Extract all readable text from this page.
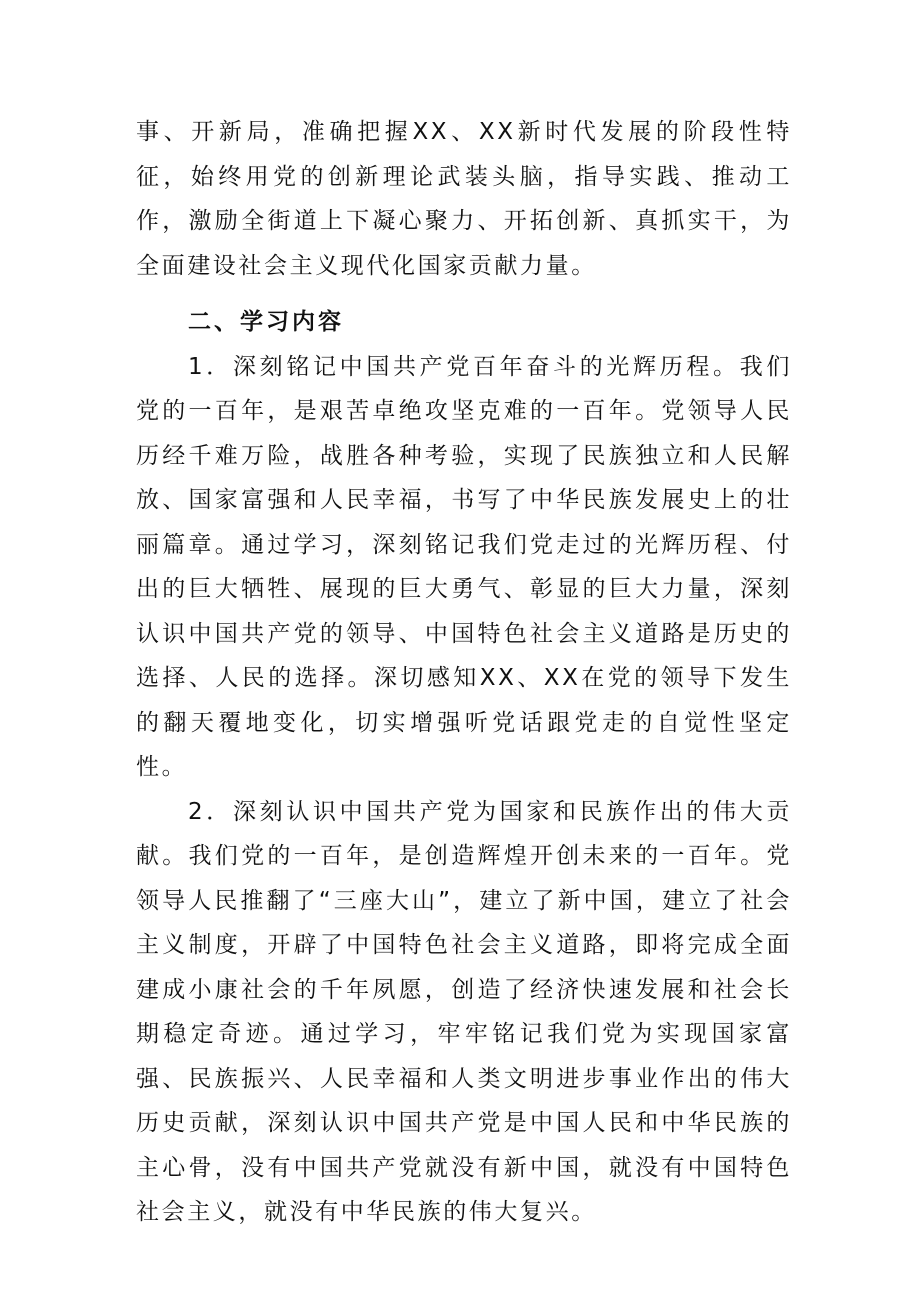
事、开新局，准确把握XX、XX新时代发展的阶段性特征，始终用党的创新理论武装头脑，指导实践、推动工作，激励全街道上下凝心聚力、开拓创新、真抓实干，为全面建设社会主义现代化国家贡献力量。

二、学习内容

1．深刻铭记中国共产党百年奋斗的光辉历程。我们党的一百年，是艰苦卓绝攻坚克难的一百年。党领导人民历经千难万险，战胜各种考验，实现了民族独立和人民解放、国家富强和人民幸福，书写了中华民族发展史上的壮丽篇章。通过学习，深刻铭记我们党走过的光辉历程、付出的巨大牺牲、展现的巨大勇气、彰显的巨大力量，深刻认识中国共产党的领导、中国特色社会主义道路是历史的选择、人民的选择。深切感知XX、XX在党的领导下发生的翻天覆地变化，切实增强听党话跟党走的自觉性坚定性。

2．深刻认识中国共产党为国家和民族作出的伟大贡献。我们党的一百年，是创造辉煌开创未来的一百年。党领导人民推翻了“三座大山”，建立了新中国，建立了社会主义制度，开辟了中国特色社会主义道路，即将完成全面建成小康社会的千年夙愿，创造了经济快速发展和社会长期稳定奇迹。通过学习，牢牢铭记我们党为实现国家富强、民族振兴、人民幸福和人类文明进步事业作出的伟大历史贡献，深刻认识中国共产党是中国人民和中华民族的主心骨，没有中国共产党就没有新中国，就没有中国特色社会主义，就没有中华民族的伟大复兴。
